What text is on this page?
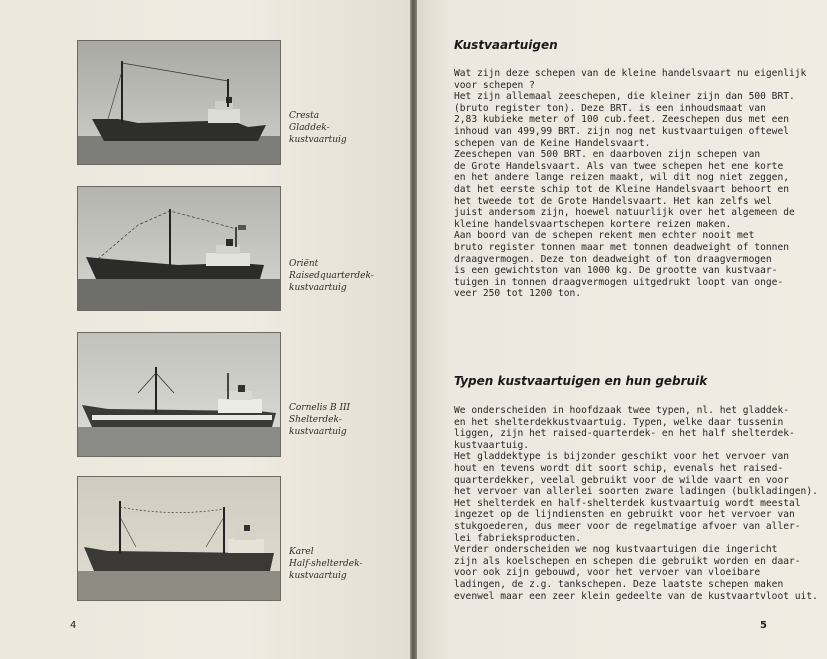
Cresta
Gladdek-
kustvaartuig
Oriënt
Raisedquarterdek-
kustvaartuig
Cornelis B III
Shelterdek-
kustvaartuig
Karel
Half-shelterdek-
kustvaartuig
4
Kustvaartuigen
Wat zijn deze schepen van de kleine handelsvaart nu eigenlijk
voor schepen ?
Het zijn allemaal zeeschepen, die kleiner zijn dan 500 BRT.
(bruto register ton). Deze BRT. is een inhoudsmaat van
2,83 kubieke meter of 100 cub.feet. Zeeschepen dus met een
inhoud van 499,99 BRT. zijn nog net kustvaartuigen oftewel
schepen van de Keine Handelsvaart.
Zeeschepen van 500 BRT. en daarboven zijn schepen van
de Grote Handelsvaart. Als van twee schepen het ene korte
en het andere lange reizen maakt, wil dit nog niet zeggen,
dat het eerste schip tot de Kleine Handelsvaart behoort en
het tweede tot de Grote Handelsvaart. Het kan zelfs wel
juist andersom zijn, hoewel natuurlijk over het algemeen de
kleine handelsvaartschepen kortere reizen maken.
Aan boord van de schepen rekent men echter nooit met
bruto register tonnen maar met tonnen deadweight of tonnen
draagvermogen. Deze ton deadweight of ton draagvermogen
is een gewichtston van 1000 kg. De grootte van kustvaar-
tuigen in tonnen draagvermogen uitgedrukt loopt van onge-
veer 250 tot 1200 ton.
Typen kustvaartuigen en hun gebruik
We onderscheiden in hoofdzaak twee typen, nl. het gladdek-
en het shelterdekkustvaartuig. Typen, welke daar tussenin
liggen, zijn het raised-quarterdek- en het half shelterdek-
kustvaartuig.
Het gladdektype is bijzonder geschikt voor het vervoer van
hout en tevens wordt dit soort schip, evenals het raised-
quarterdekker, veelal gebruikt voor de wilde vaart en voor
het vervoer van allerlei soorten zware ladingen (bulkladingen).
Het shelterdek en half-shelterdek kustvaartuig wordt meestal
ingezet op de lijndiensten en gebruikt voor het vervoer van
stukgoederen, dus meer voor de regelmatige afvoer van aller-
lei fabrieksproducten.
Verder onderscheiden we nog kustvaartuigen die ingericht
zijn als koelschepen en schepen die gebruikt worden en daar-
voor ook zijn gebouwd, voor het vervoer van vloeibare
ladingen, de z.g. tankschepen. Deze laatste schepen maken
evenwel maar een zeer klein gedeelte van de kustvaartvloot uit.
5
